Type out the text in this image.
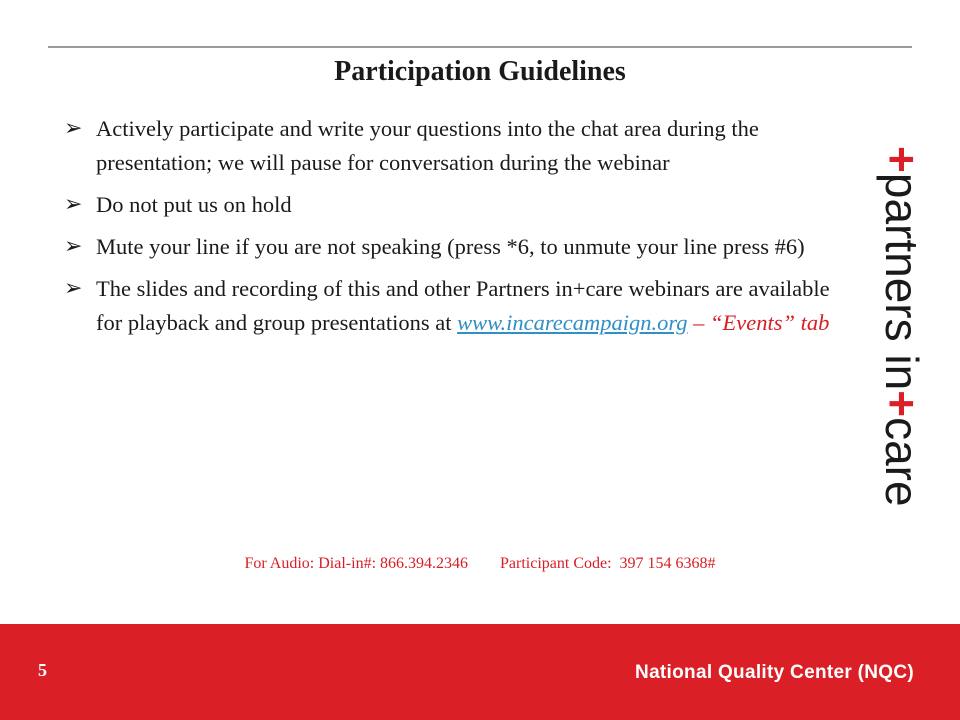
Participation Guidelines
➢ Actively participate and write your questions into the chat area during the presentation; we will pause for conversation during the webinar
➢ Do not put us on hold
➢ Mute your line if you are not speaking (press *6, to unmute your line press #6)
➢ The slides and recording of this and other Partners in+care webinars are available for playback and group presentations at www.incarecampaign.org – “Events” tab
For Audio: Dial-in#: 866.394.2346 Participant Code:  397 154 6368#
+partners in+care
5	National Quality Center (NQC)
